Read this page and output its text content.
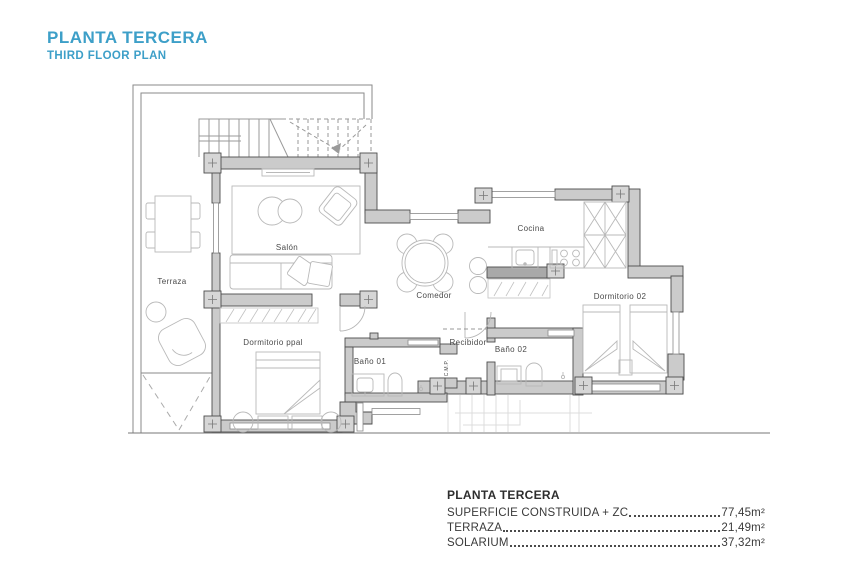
PLANTA TERCERA
THIRD FLOOR PLAN
Terraza
Salón
Comedor
Cocina
Dormitorio 02
Dormitorio ppal
Baño 01
Baño 02
Recibidor
C.M.P.
PLANTA TERCERA
SUPERFICIE CONSTRUIDA + ZC	77,45m²
TERRAZA	21,49m²
SOLARIUM	37,32m²
